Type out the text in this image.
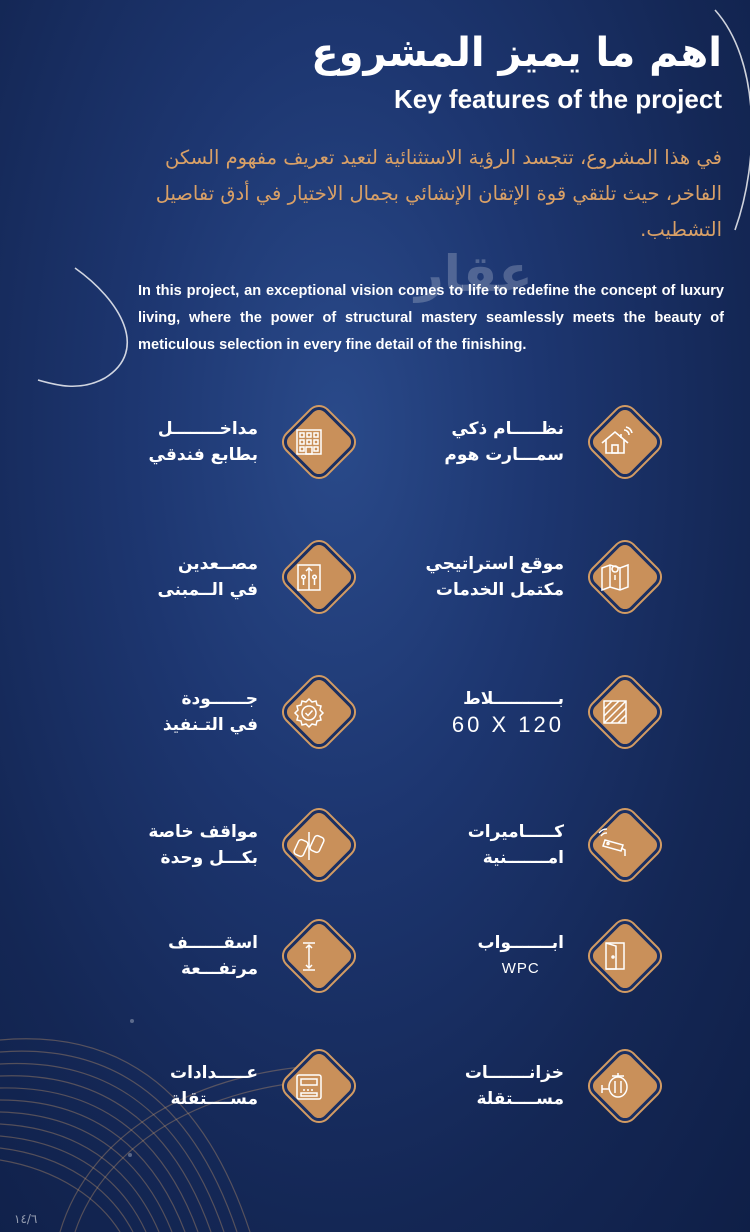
اهم ما يميز المشروع
Key features of the project

في هذا المشروع، تتجسد الرؤية الاستثنائية لتعيد تعريف مفهوم السكن الفاخر، حيث تلتقي قوة الإتقان الإنشائي بجمال الاختيار في أدق تفاصيل التشطيب.

عقار

In this project, an exceptional vision comes to life to redefine the concept of luxury living, where the power of structural mastery seamlessly meets the beauty of meticulous selection in every fine detail of the finishing.

نظـــــام ذكي
سمـــارت هوم
مداخــــــــل
بطابع فندقي
موقع استراتيجي
مكتمل الخدمات
مصــعدين
في الــمبنى
بـــــــــــلاط
60 X 120
جــــــودة
في التـنفيذ
كـــــاميرات
امـــــــنية
مواقف خاصة
بكـــل وحدة
ابـــــــواب
WPC
اسقــــــف
مرتفـــعة
خزانـــــــات
مســــتقلة
عـــــدادات
مســــتقلة
١٤/٦
